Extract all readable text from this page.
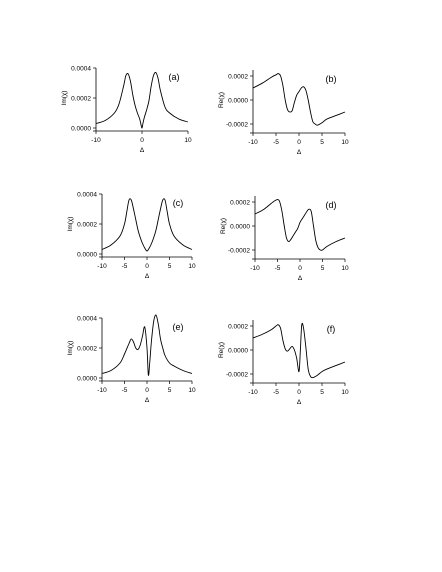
-10	0	10
0.0000
0.0002
0.0004
Im(χ)
Δ
(a)
-10 -5	0	5	10
-0.0002
0.0000
0.0002
Re(χ)
Δ
(b)
-10 -5	0	5	10
0.0000
0.0002
0.0004
Im(χ)
Δ
(c)
-10 -5	0	5	10
-0.0002
0.0000
0.0002
Re(χ)
Δ
(d)
-10 -5	0	5	10
0.0000
0.0002
0.0004
Im(χ)
Δ
(e)
-10 -5	0	5	10
-0.0002
0.0000
0.0002
Re(χ)
Δ
(f)
